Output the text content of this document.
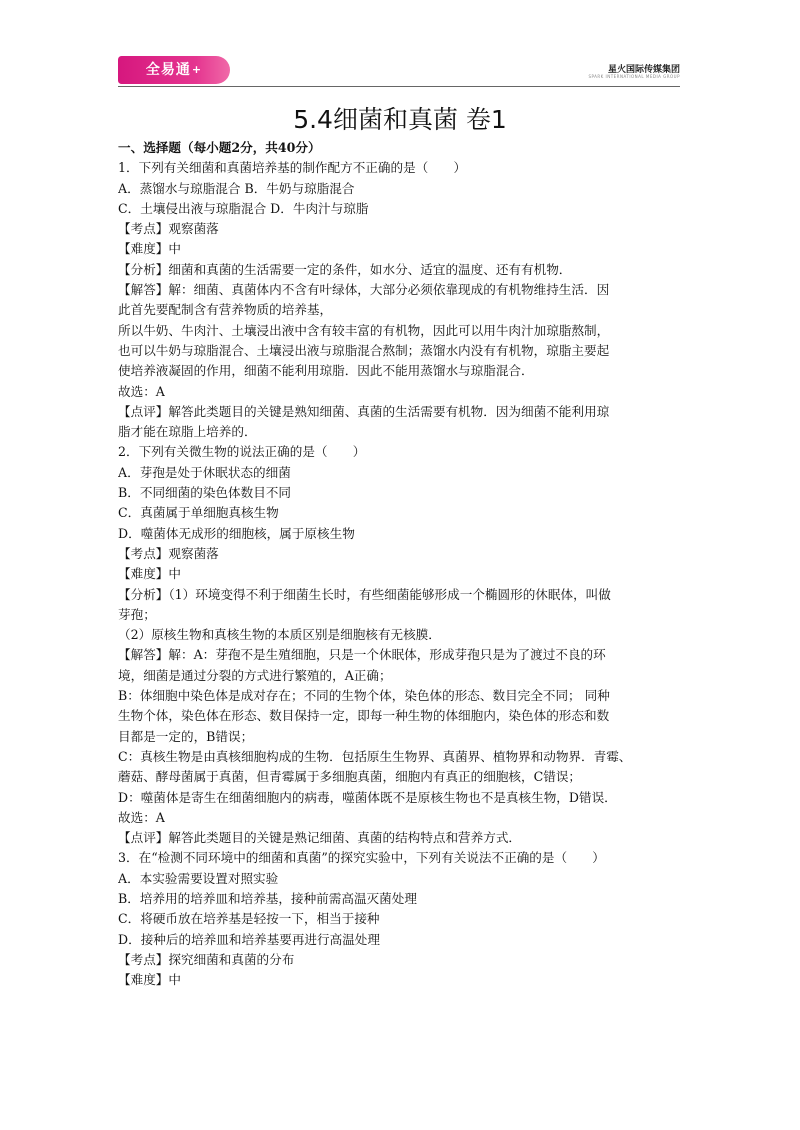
全易通+	星火国际传媒集团
SPARK INTERNATIONAL MEDIA GROUP
5.4细菌和真菌 卷1
一、选择题（每小题2分，共40分）
1．下列有关细菌和真菌培养基的制作配方不正确的是（　　）
A．蒸馏水与琼脂混合 B．牛奶与琼脂混合
C．土壤侵出液与琼脂混合 D．牛肉汁与琼脂
【考点】观察菌落
【难度】中
【分析】细菌和真菌的生活需要一定的条件，如水分、适宜的温度、还有有机物．
【解答】解：细菌、真菌体内不含有叶绿体，大部分必须依靠现成的有机物维持生活．因
此首先要配制含有营养物质的培养基，
所以牛奶、牛肉汁、土壤浸出液中含有较丰富的有机物，因此可以用牛肉汁加琼脂熬制，
也可以牛奶与琼脂混合、土壤浸出液与琼脂混合熬制；蒸馏水内没有有机物，琼脂主要起
使培养液凝固的作用，细菌不能利用琼脂．因此不能用蒸馏水与琼脂混合．
故选：A
【点评】解答此类题目的关键是熟知细菌、真菌的生活需要有机物．因为细菌不能利用琼
脂才能在琼脂上培养的．
2．下列有关微生物的说法正确的是（　　）
A．芽孢是处于休眠状态的细菌
B．不同细菌的染色体数目不同
C．真菌属于单细胞真核生物
D．噬菌体无成形的细胞核，属于原核生物
【考点】观察菌落
【难度】中
【分析】（1）环境变得不利于细菌生长时，有些细菌能够形成一个椭圆形的休眠体，叫做
芽孢；
（2）原核生物和真核生物的本质区别是细胞核有无核膜．
【解答】解：A：芽孢不是生殖细胞，只是一个休眠体，形成芽孢只是为了渡过不良的环
境，细菌是通过分裂的方式进行繁殖的，A正确；
B：体细胞中染色体是成对存在；不同的生物个体，染色体的形态、数目完全不同； 同种
生物个体，染色体在形态、数目保持一定，即每一种生物的体细胞内，染色体的形态和数
目都是一定的，B错误；
C：真核生物是由真核细胞构成的生物．包括原生生物界、真菌界、植物界和动物界．青霉、
蘑菇、酵母菌属于真菌，但青霉属于多细胞真菌，细胞内有真正的细胞核，C错误；
D：噬菌体是寄生在细菌细胞内的病毒，噬菌体既不是原核生物也不是真核生物，D错误．
故选：A
【点评】解答此类题目的关键是熟记细菌、真菌的结构特点和营养方式．
3．在“检测不同环境中的细菌和真菌”的探究实验中，下列有关说法不正确的是（　　）
A．本实验需要设置对照实验
B．培养用的培养皿和培养基，接种前需高温灭菌处理
C．将硬币放在培养基是轻按一下，相当于接种
D．接种后的培养皿和培养基要再进行高温处理
【考点】探究细菌和真菌的分布
【难度】中
